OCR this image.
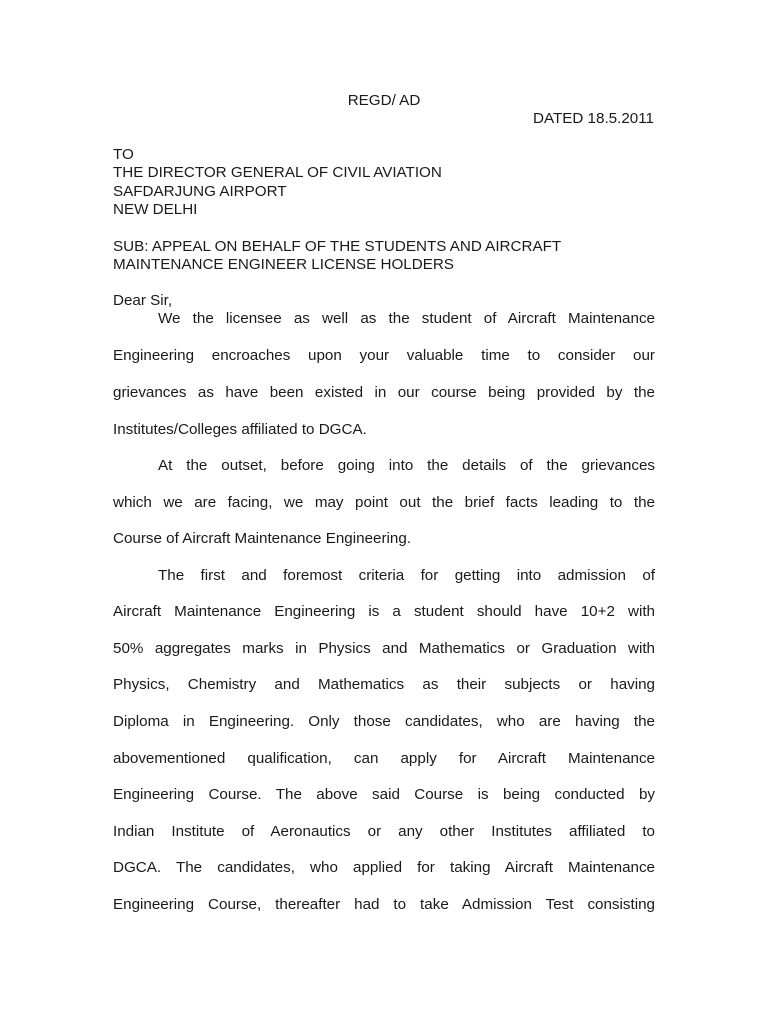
REGD/ AD
DATED 18.5.2011
TO
THE DIRECTOR GENERAL OF CIVIL AVIATION
SAFDARJUNG AIRPORT
NEW DELHI
SUB: APPEAL ON BEHALF OF THE STUDENTS AND AIRCRAFT
MAINTENANCE ENGINEER LICENSE HOLDERS
Dear Sir,
We the licensee as well as the student of Aircraft Maintenance
Engineering encroaches upon your valuable time to consider our
grievances as have been existed in our course being provided by the
Institutes/Colleges affiliated to DGCA.
At the outset, before going into the details of the grievances
which we are facing, we may point out the brief facts leading to the
Course of Aircraft Maintenance Engineering.
The first and foremost criteria for getting into admission of
Aircraft Maintenance Engineering is a student should have 10+2 with
50% aggregates marks in Physics and Mathematics or Graduation with
Physics, Chemistry and Mathematics as their subjects or having
Diploma in Engineering. Only those candidates, who are having the
abovementioned qualification, can apply for Aircraft Maintenance
Engineering Course. The above said Course is being conducted by
Indian Institute of Aeronautics or any other Institutes affiliated to
DGCA. The candidates, who applied for taking Aircraft Maintenance
Engineering Course, thereafter had to take Admission Test consisting
